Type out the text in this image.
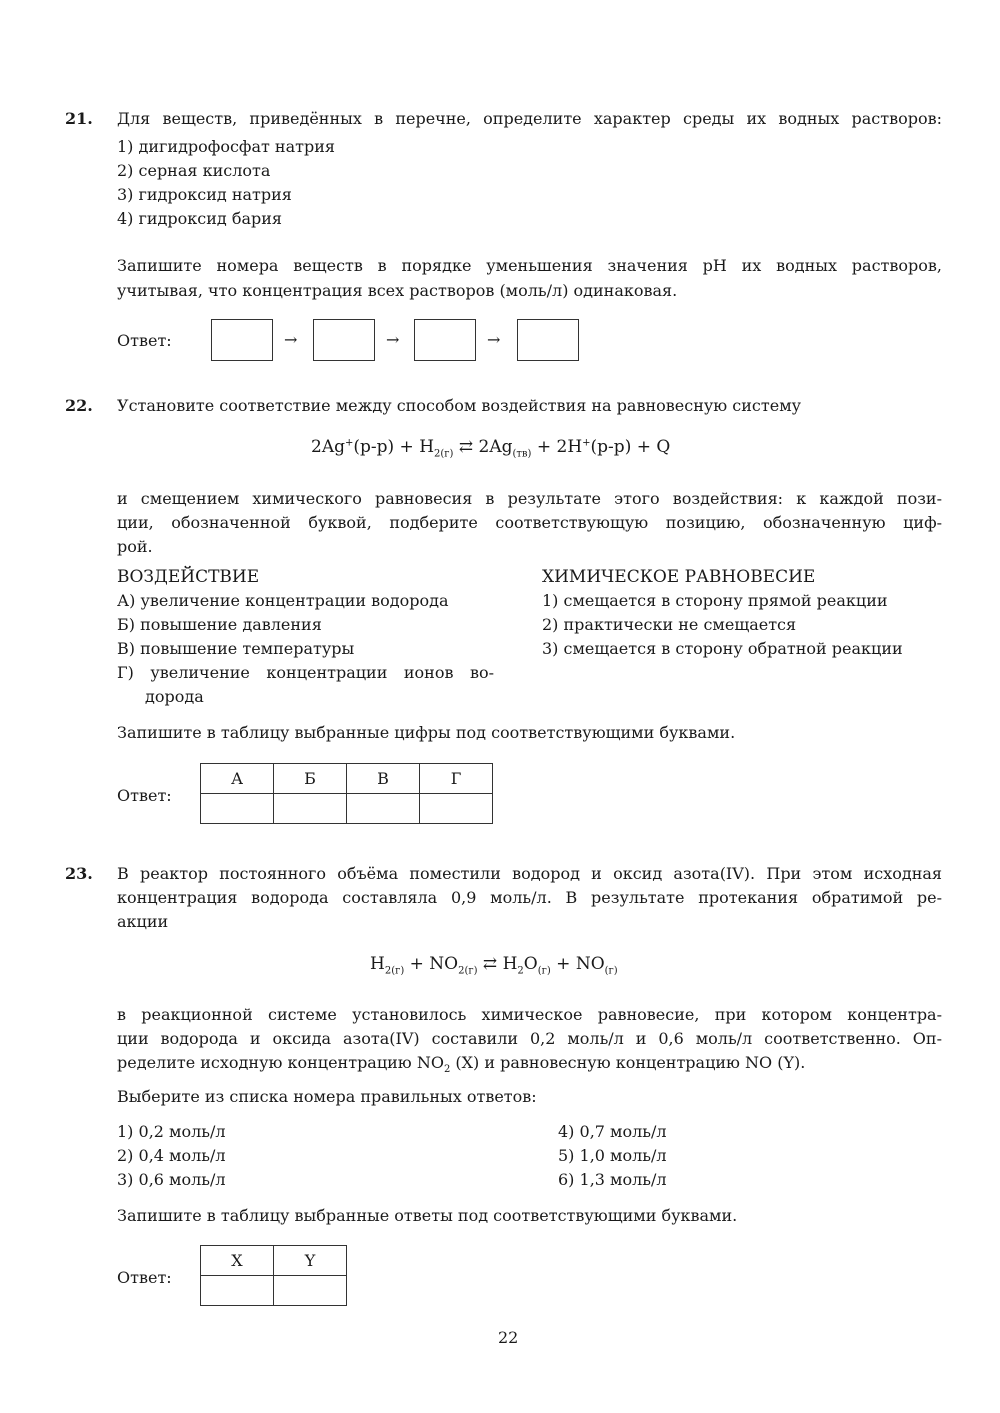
21. Для веществ, приведённых в перечне, определите характер среды их водных растворов:
1) дигидрофосфат натрия
2) серная кислота
3) гидроксид натрия
4) гидроксид бария
Запишите номера веществ в порядке уменьшения значения pH их водных растворов,
учитывая, что концентрация всех растворов (моль/л) одинаковая.
Ответ:	→	→	→
22. Установите соответствие между способом воздействия на равновесную систему
$2Ag^+(р-р) + H_{2(г)}$ ⇄ $2Ag_{(тв)} + 2H^+(р-р) + Q$
и смещением химического равновесия в результате этого воздействия: к каждой пози-
ции, обозначенной буквой, подберите соответствующую позицию, обозначенную циф-
рой.
ВОЗДЕЙСТВИЕ	ХИМИЧЕСКОЕ РАВНОВЕСИЕ
А) увеличение концентрации водорода
Б) повышение давления
В) повышение температуры
Г) увеличение концентрации ионов во-
дорода
1) смещается в сторону прямой реакции
2) практически не смещается
3) смещается в сторону обратной реакции
Запишите в таблицу выбранные цифры под соответствующими буквами.
Ответ:
А	Б	В	Г

23. В реактор постоянного объёма поместили водород и оксид азота(IV). При этом исходная
концентрация водорода составляла 0,9 моль/л. В результате протекания обратимой ре-
акции
$H_{2(г)} + NO_{2(г)}$ ⇄ $H_2O_{(г)} + NO_{(г)}$
в реакционной системе установилось химическое равновесие, при котором концентра-
ции водорода и оксида азота(IV) составили 0,2 моль/л и 0,6 моль/л соответственно. Оп-
ределите исходную концентрацию $NO_2$ (X) и равновесную концентрацию NO (Y).
Выберите из списка номера правильных ответов:
1) 0,2 моль/л
2) 0,4 моль/л
3) 0,6 моль/л
4) 0,7 моль/л
5) 1,0 моль/л
6) 1,3 моль/л
Запишите в таблицу выбранные ответы под соответствующими буквами.
Ответ:
X	Y

22
